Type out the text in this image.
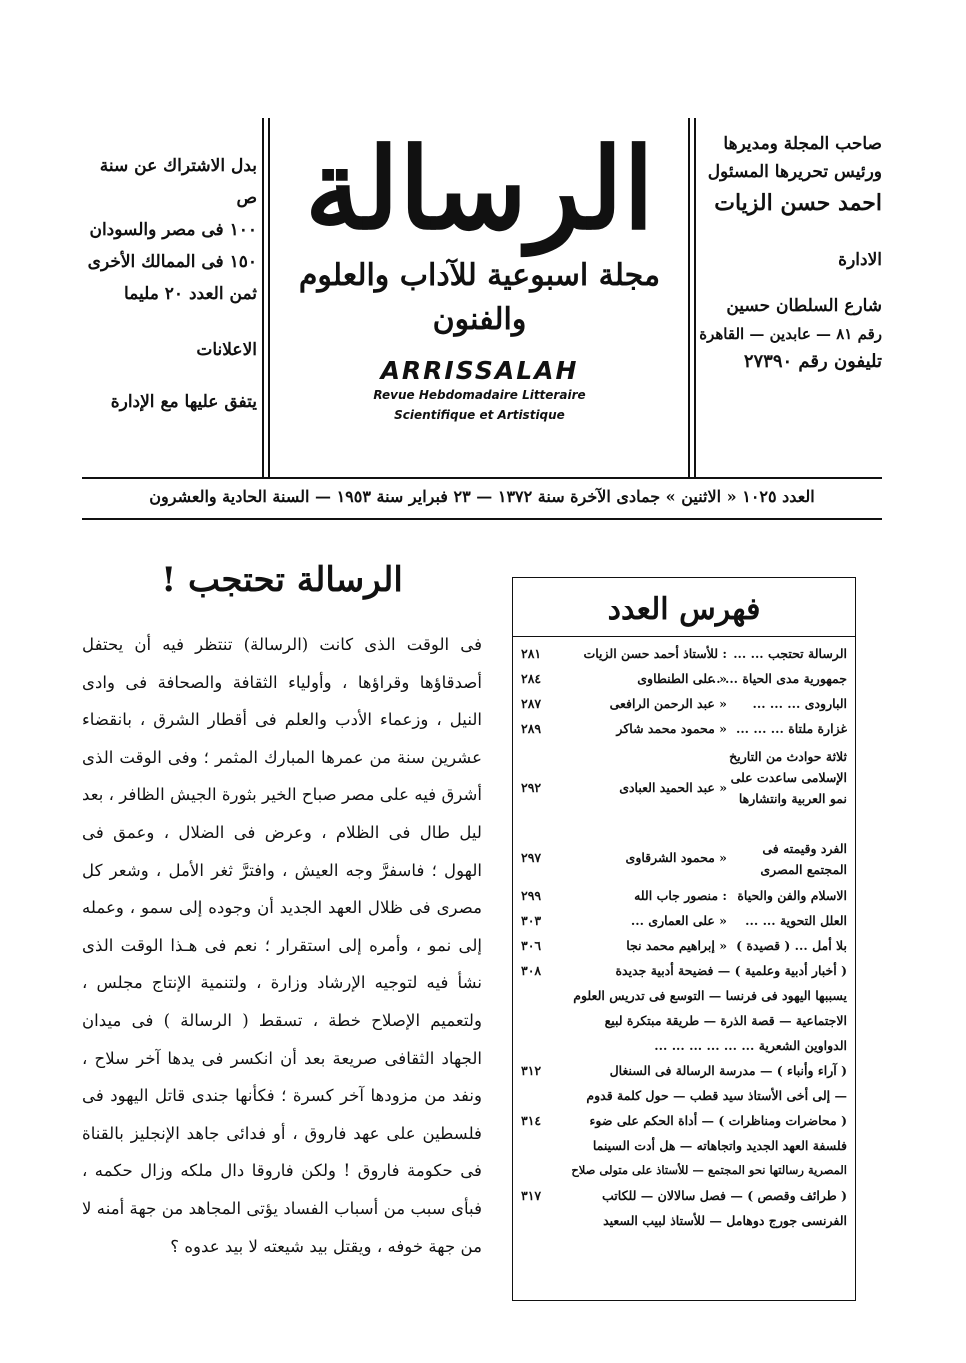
صاحب المجلة ومديرها
ورئيس تحريرها المسئول
احمد حسن الزيات
الادارة
شارع السلطان حسين
رقم ٨١ — عابدين — القاهرة
تليفون رقم ٢٧٣٩٠
الرسالة
مجلة اسبوعية للآداب والعلوم والفنون
ARRISSALAH
Revue Hebdomadaire Litteraire
Scientifique et Artistique
بدل الاشتراك عن سنة
ص
١٠٠ فى مصر والسودان
١٥٠ فى الممالك الأخرى
ثمن العدد ٢٠ مليما
الاعلانات
يتفق عليها مع الإدارة
العدد ١٠٢٥ « الاثنين » جمادى الآخرة سنة ١٣٧٢ — ٢٣ فبراير سنة ١٩٥٣ — السنة الحادية والعشرون
الرسالة تحتجب !

فى الوقت الذى كانت (الرسالة) تنتظر فيه أن يحتفل أصدقاؤها وقراؤها ، وأولياء الثقافة والصحافة فى وادى النيل ، وزعماء الأدب والعلم فى أقطار الشرق ، بانقضاء عشرين سنة من عمرها المبارك المثمر ؛ وفى الوقت الذى أشرق فيه على مصر صباح الخير بثورة الجيش الظافر ، بعد ليل طال فى الظلام ، وعرض فى الضلال ، وعمق فى الهول ؛ فاسفرَّ وجه العيش ، وافترَّ ثغر الأمل ، وشعر كل مصرى فى ظلال العهد الجديد أن وجوده إلى سمو ، وعمله إلى نمو ، وأمره إلى استقرار ؛ نعم فى هـذا الوقت الذى نشأ فيه لتوجيه الإرشاد وزارة ، ولتنمية الإنتاج مجلس ، ولتعميم الإصلاح خطة ، تسقط ( الرسالة ) فى ميدان الجهاد الثقافى صريعة بعد أن انكسر فى يدها آخر سلاح ، ونفد من مزودها آخر كسرة ؛ فكأنها جندى قاتل اليهود فى فلسطين على عهد فاروق ، أو فدائى جاهد الإنجليز بالقناة فى حكومة فاروق ! ولكن فاروقا دال ملكه وزال حكمه ، فبأى سبب من أسباب الفساد يؤتى المجاهد من جهة أمنه لا من جهة خوفه ، ويقتل بيد شيعته لا بيد عدوه ؟

فهرس العدد
الرسالة تحتجب ... ...
: للأستاذ أحمد حسن الزيات
٢٨١
جمهورية مدى الحياة ... ...
« على الطنطاوى
٢٨٤
البارودى ... ... ...
« عبد الرحمن الرافعى
٢٨٧
غزارة ملتاة ... ... ...
« محمود محمد شاكر
٢٨٩
ثلاثة حوادث من التاريخ الإسلامى ساعدت على نمو العربية وانتشارها
« عبد الحميد العبادى
٢٩٢
الفرد وقيمته فى المجتمع المصرى
« محمود الشرقاوى
٢٩٧
الاسلام والفن والحياة
: منصور جاب الله
٢٩٩
العلل التحوية ... ...
« على العمارى ...
٣٠٣
بلا أمل ... ( قصيدة )
« إبراهيم محمد نجا
٣٠٦
( أخبار أدبية وعلمية ) — فضيحة أدبية جديدة
٣٠٨
يسببها اليهود فى فرنسا — التوسع فى تدريس العلوم
الاجتماعية — قصة الذرة — طريقة مبتكرة لبيع
الدواوين الشعرية ... ... ... ... ... ...
( آراء وأنباء ) — مدرسة الرسالة فى السنغال
٣١٢
— إلى أخى الأستاذ سيد قطب — حول كلمة قدوم
( محاضرات ومناظرات ) — أداة الحكم على ضوء
٣١٤
فلسفة العهد الجديد واتجاهاته — هل أدت السينما
المصرية رسالتها نحو المجتمع — للأستاذ على متولى صلاح
( طرائف وقصص ) — فصل سالالان — للكاتب
٣١٧
الفرنسى جورج دوهامل — للأستاذ لبيب السعيد
